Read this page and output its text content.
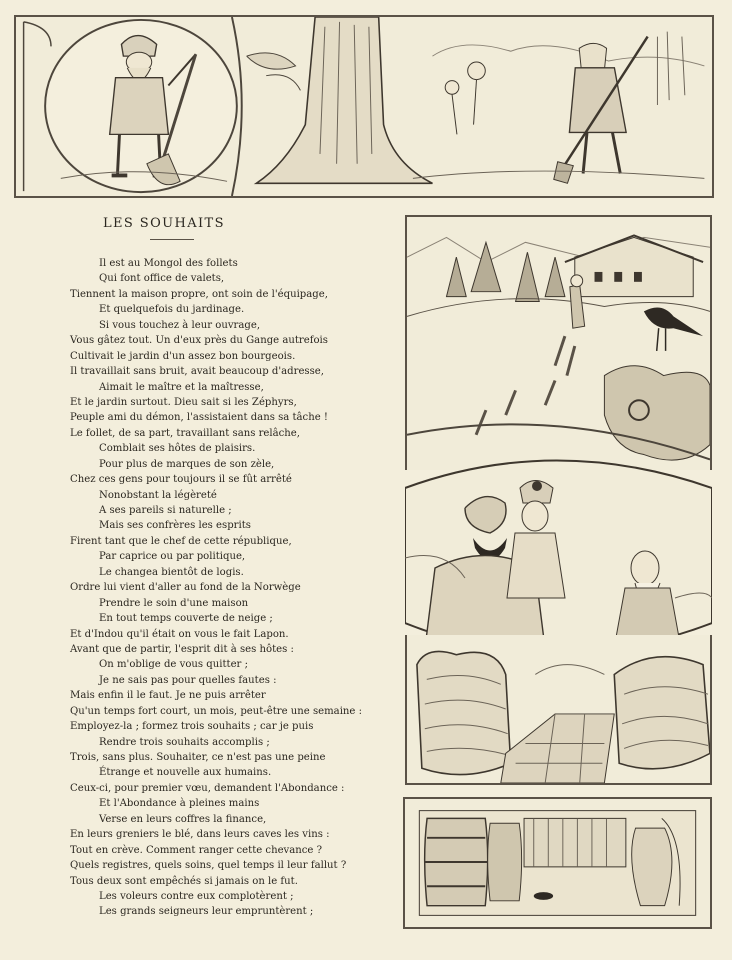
LES SOUHAITS
Il est au Mongol des follets
Qui font office de valets,
Tiennent la maison propre, ont soin de l'équipage,
Et quelquefois du jardinage.
Si vous touchez à leur ouvrage,
Vous gâtez tout. Un d'eux près du Gange autrefois
Cultivait le jardin d'un assez bon bourgeois.
Il travaillait sans bruit, avait beaucoup d'adresse,
Aimait le maître et la maîtresse,
Et le jardin surtout. Dieu sait si les Zéphyrs,
Peuple ami du démon, l'assistaient dans sa tâche !
Le follet, de sa part, travaillant sans relâche,
Comblait ses hôtes de plaisirs.
Pour plus de marques de son zèle,
Chez ces gens pour toujours il se fût arrêté
Nonobstant la légèreté
A ses pareils si naturelle ;
Mais ses confrères les esprits
Firent tant que le chef de cette république,
Par caprice ou par politique,
Le changea bientôt de logis.
Ordre lui vient d'aller au fond de la Norwège
Prendre le soin d'une maison
En tout temps couverte de neige ;
Et d'Indou qu'il était on vous le fait Lapon.
Avant que de partir, l'esprit dit à ses hôtes :
On m'oblige de vous quitter ;
Je ne sais pas pour quelles fautes :
Mais enfin il le faut. Je ne puis arrêter
Qu'un temps fort court, un mois, peut-être une semaine :
Employez-la ; formez trois souhaits ; car je puis
Rendre trois souhaits accomplis ;
Trois, sans plus. Souhaiter, ce n'est pas une peine
Étrange et nouvelle aux humains.
Ceux-ci, pour premier vœu, demandent l'Abondance :
Et l'Abondance à pleines mains
Verse en leurs coffres la finance,
En leurs greniers le blé, dans leurs caves les vins :
Tout en crève. Comment ranger cette chevance ?
Quels registres, quels soins, quel temps il leur fallut ?
Tous deux sont empêchés si jamais on le fut.
Les voleurs contre eux complotèrent ;
Les grands seigneurs leur empruntèrent ;
